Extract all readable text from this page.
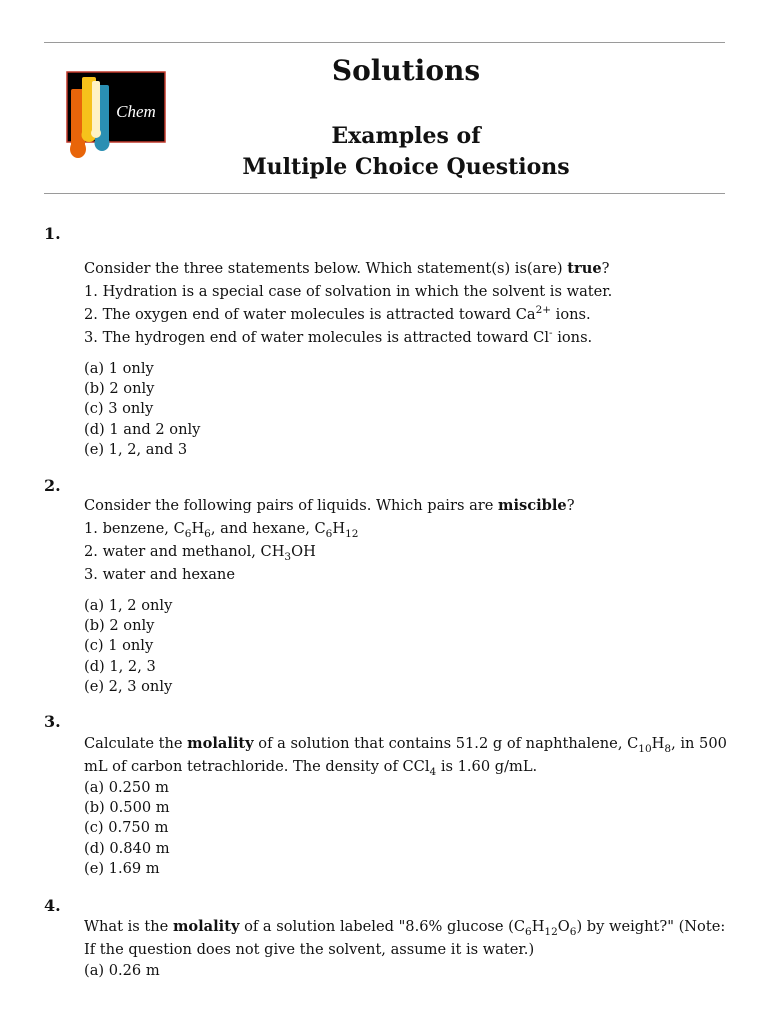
Chem
Solutions
Examples of
Multiple Choice Questions
1.
Consider the three statements below. Which statement(s) is(are) true?
1. Hydration is a special case of solvation in which the solvent is water.
2. The oxygen end of water molecules is attracted toward $Ca^{2+}$ ions.
3. The hydrogen end of water molecules is attracted toward Cl- ions.
(a) 1 only
(b) 2 only
(c) 3 only
(d) 1 and 2 only
(e) 1, 2, and 3
2.
Consider the following pairs of liquids. Which pairs are miscible?
1. benzene, $C_6H_6$, and hexane, $C_6H_{12}$
2. water and methanol, $CH_3OH$
3. water and hexane
(a) 1, 2 only
(b) 2 only
(c) 1 only
(d) 1, 2, 3
(e) 2, 3 only
3.
Calculate the molality of a solution that contains 51.2 g of naphthalene, $C_{10}H_8$, in 500
mL of carbon tetrachloride. The density of CCl$_4$ is 1.60 g/mL.
(a) 0.250 m
(b) 0.500 m
(c) 0.750 m
(d) 0.840 m
(e) 1.69 m
4.
What is the molality of a solution labeled "8.6% glucose $(C_6H_{12}O_6)$ by weight?" (Note:
If the question does not give the solvent, assume it is water.)
(a) 0.26 m
